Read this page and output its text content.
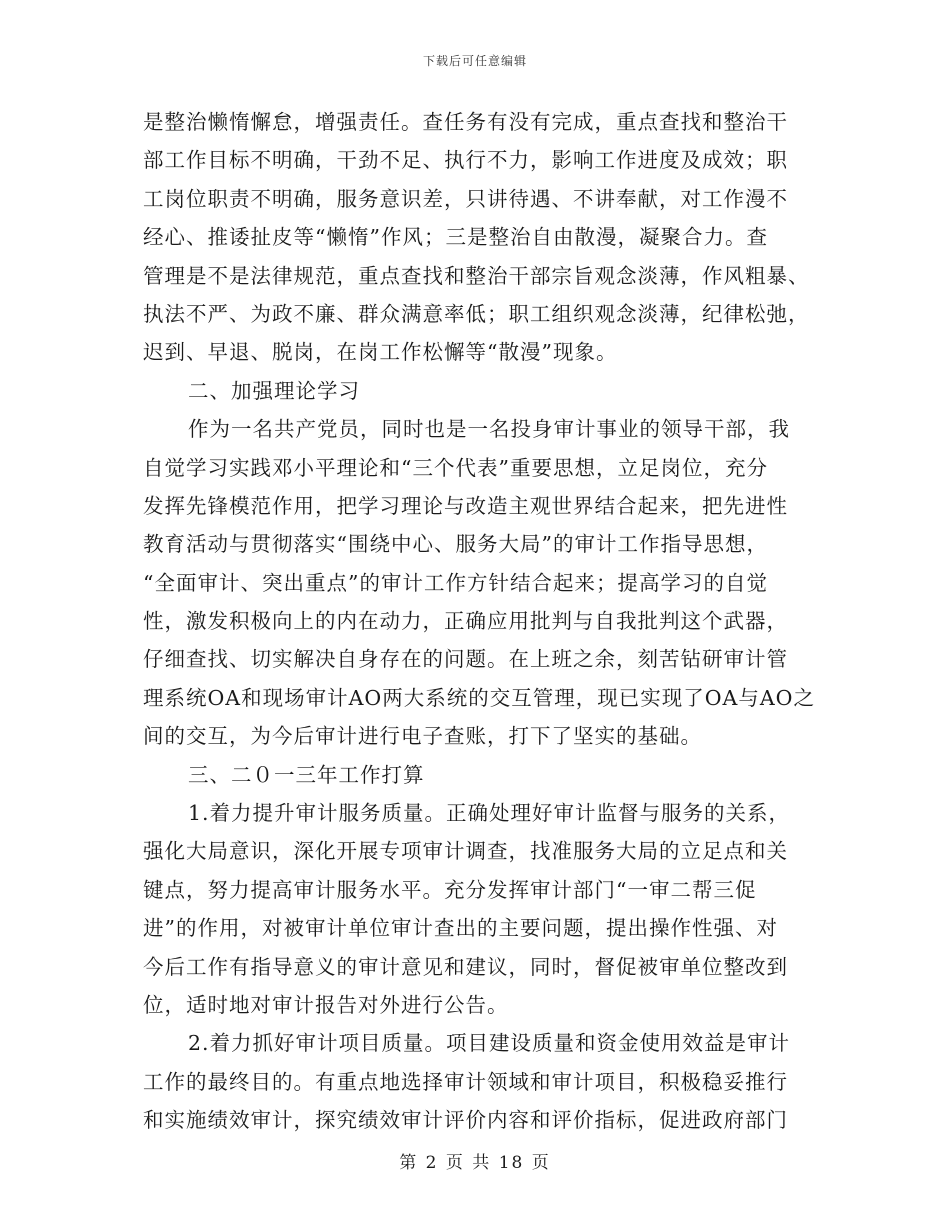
下载后可任意编辑
是整治懒惰懈怠，增强责任。查任务有没有完成，重点查找和整治干
部工作目标不明确，干劲不足、执行不力，影响工作进度及成效；职
工岗位职责不明确，服务意识差，只讲待遇、不讲奉献，对工作漫不
经心、推诿扯皮等“懒惰”作风；三是整治自由散漫，凝聚合力。查
管理是不是法律规范，重点查找和整治干部宗旨观念淡薄，作风粗暴、
执法不严、为政不廉、群众满意率低；职工组织观念淡薄，纪律松弛，
迟到、早退、脱岗，在岗工作松懈等“散漫”现象。
二、加强理论学习
作为一名共产党员，同时也是一名投身审计事业的领导干部，我
自觉学习实践邓小平理论和“三个代表”重要思想，立足岗位，充分
发挥先锋模范作用，把学习理论与改造主观世界结合起来，把先进性
教育活动与贯彻落实“围绕中心、服务大局”的审计工作指导思想，
“全面审计、突出重点”的审计工作方针结合起来；提高学习的自觉
性，激发积极向上的内在动力，正确应用批判与自我批判这个武器，
仔细查找、切实解决自身存在的问题。在上班之余，刻苦钻研审计管
理系统OA和现场审计AO两大系统的交互管理，现已实现了OA与AO之
间的交互，为今后审计进行电子查账，打下了坚实的基础。
三、二０一三年工作打算
1.着力提升审计服务质量。正确处理好审计监督与服务的关系，
强化大局意识，深化开展专项审计调查，找准服务大局的立足点和关
键点，努力提高审计服务水平。充分发挥审计部门“一审二帮三促
进”的作用，对被审计单位审计查出的主要问题，提出操作性强、对
今后工作有指导意义的审计意见和建议，同时，督促被审单位整改到
位，适时地对审计报告对外进行公告。
2.着力抓好审计项目质量。项目建设质量和资金使用效益是审计
工作的最终目的。有重点地选择审计领域和审计项目，积极稳妥推行
和实施绩效审计，探究绩效审计评价内容和评价指标，促进政府部门
第 2 页 共 18 页
